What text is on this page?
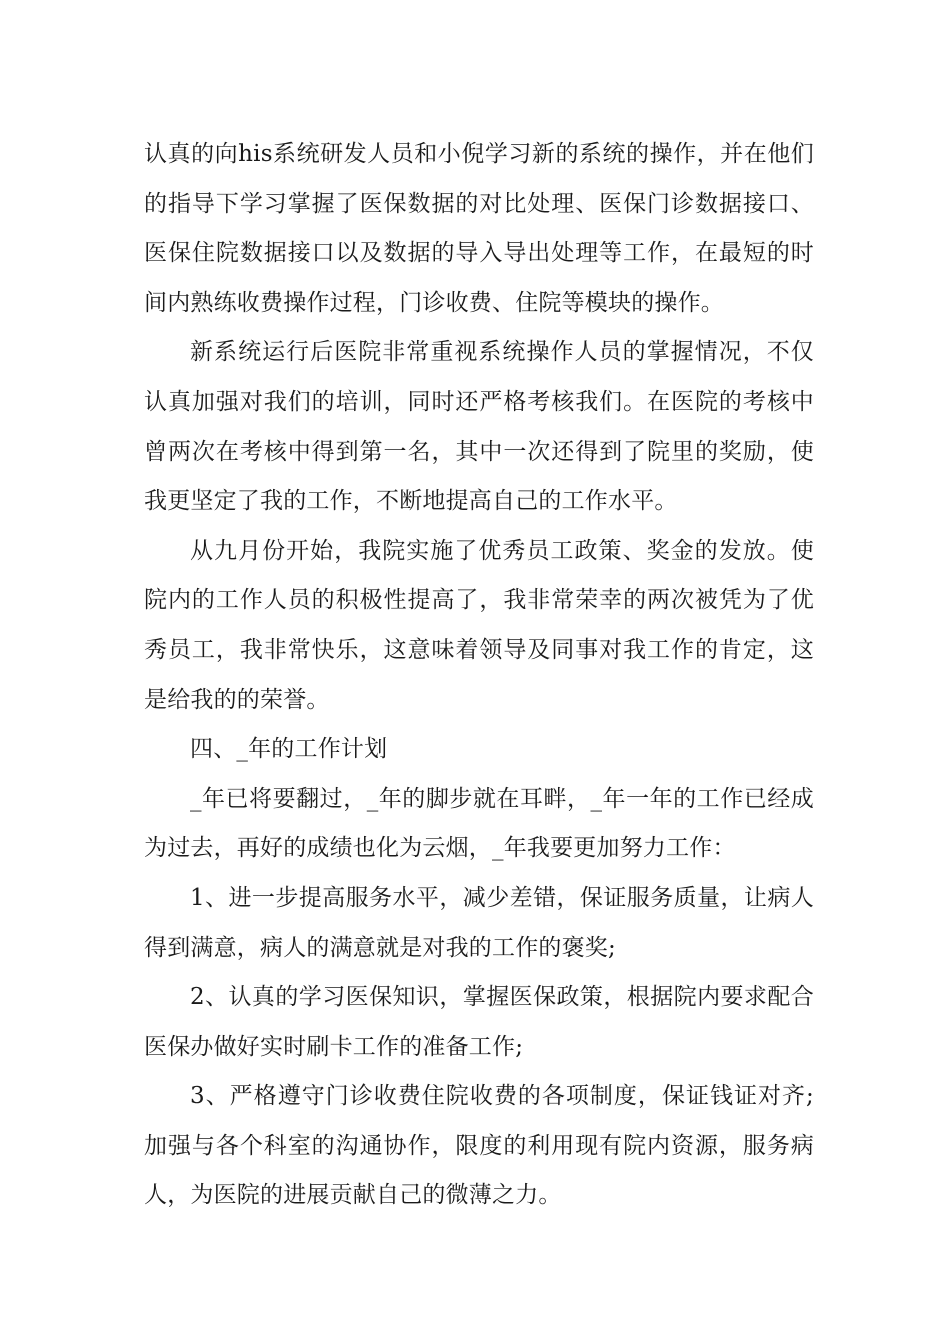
认真的向his系统研发人员和小倪学习新的系统的操作，并在他们的指导下学习掌握了医保数据的对比处理、医保门诊数据接口、医保住院数据接口以及数据的导入导出处理等工作，在最短的时间内熟练收费操作过程，门诊收费、住院等模块的操作。

新系统运行后医院非常重视系统操作人员的掌握情况，不仅认真加强对我们的培训，同时还严格考核我们。在医院的考核中曾两次在考核中得到第一名，其中一次还得到了院里的奖励，使我更坚定了我的工作，不断地提高自己的工作水平。

从九月份开始，我院实施了优秀员工政策、奖金的发放。使院内的工作人员的积极性提高了，我非常荣幸的两次被凭为了优秀员工，我非常快乐，这意味着领导及同事对我工作的肯定，这是给我的的荣誉。

四、_年的工作计划

_年已将要翻过，_年的脚步就在耳畔，_年一年的工作已经成为过去，再好的成绩也化为云烟，_年我要更加努力工作：

1、进一步提高服务水平，减少差错，保证服务质量，让病人得到满意，病人的满意就是对我的工作的褒奖;

2、认真的学习医保知识，掌握医保政策，根据院内要求配合医保办做好实时刷卡工作的准备工作;

3、严格遵守门诊收费住院收费的各项制度，保证钱证对齐;加强与各个科室的沟通协作，限度的利用现有院内资源，服务病人，为医院的进展贡献自己的微薄之力。
